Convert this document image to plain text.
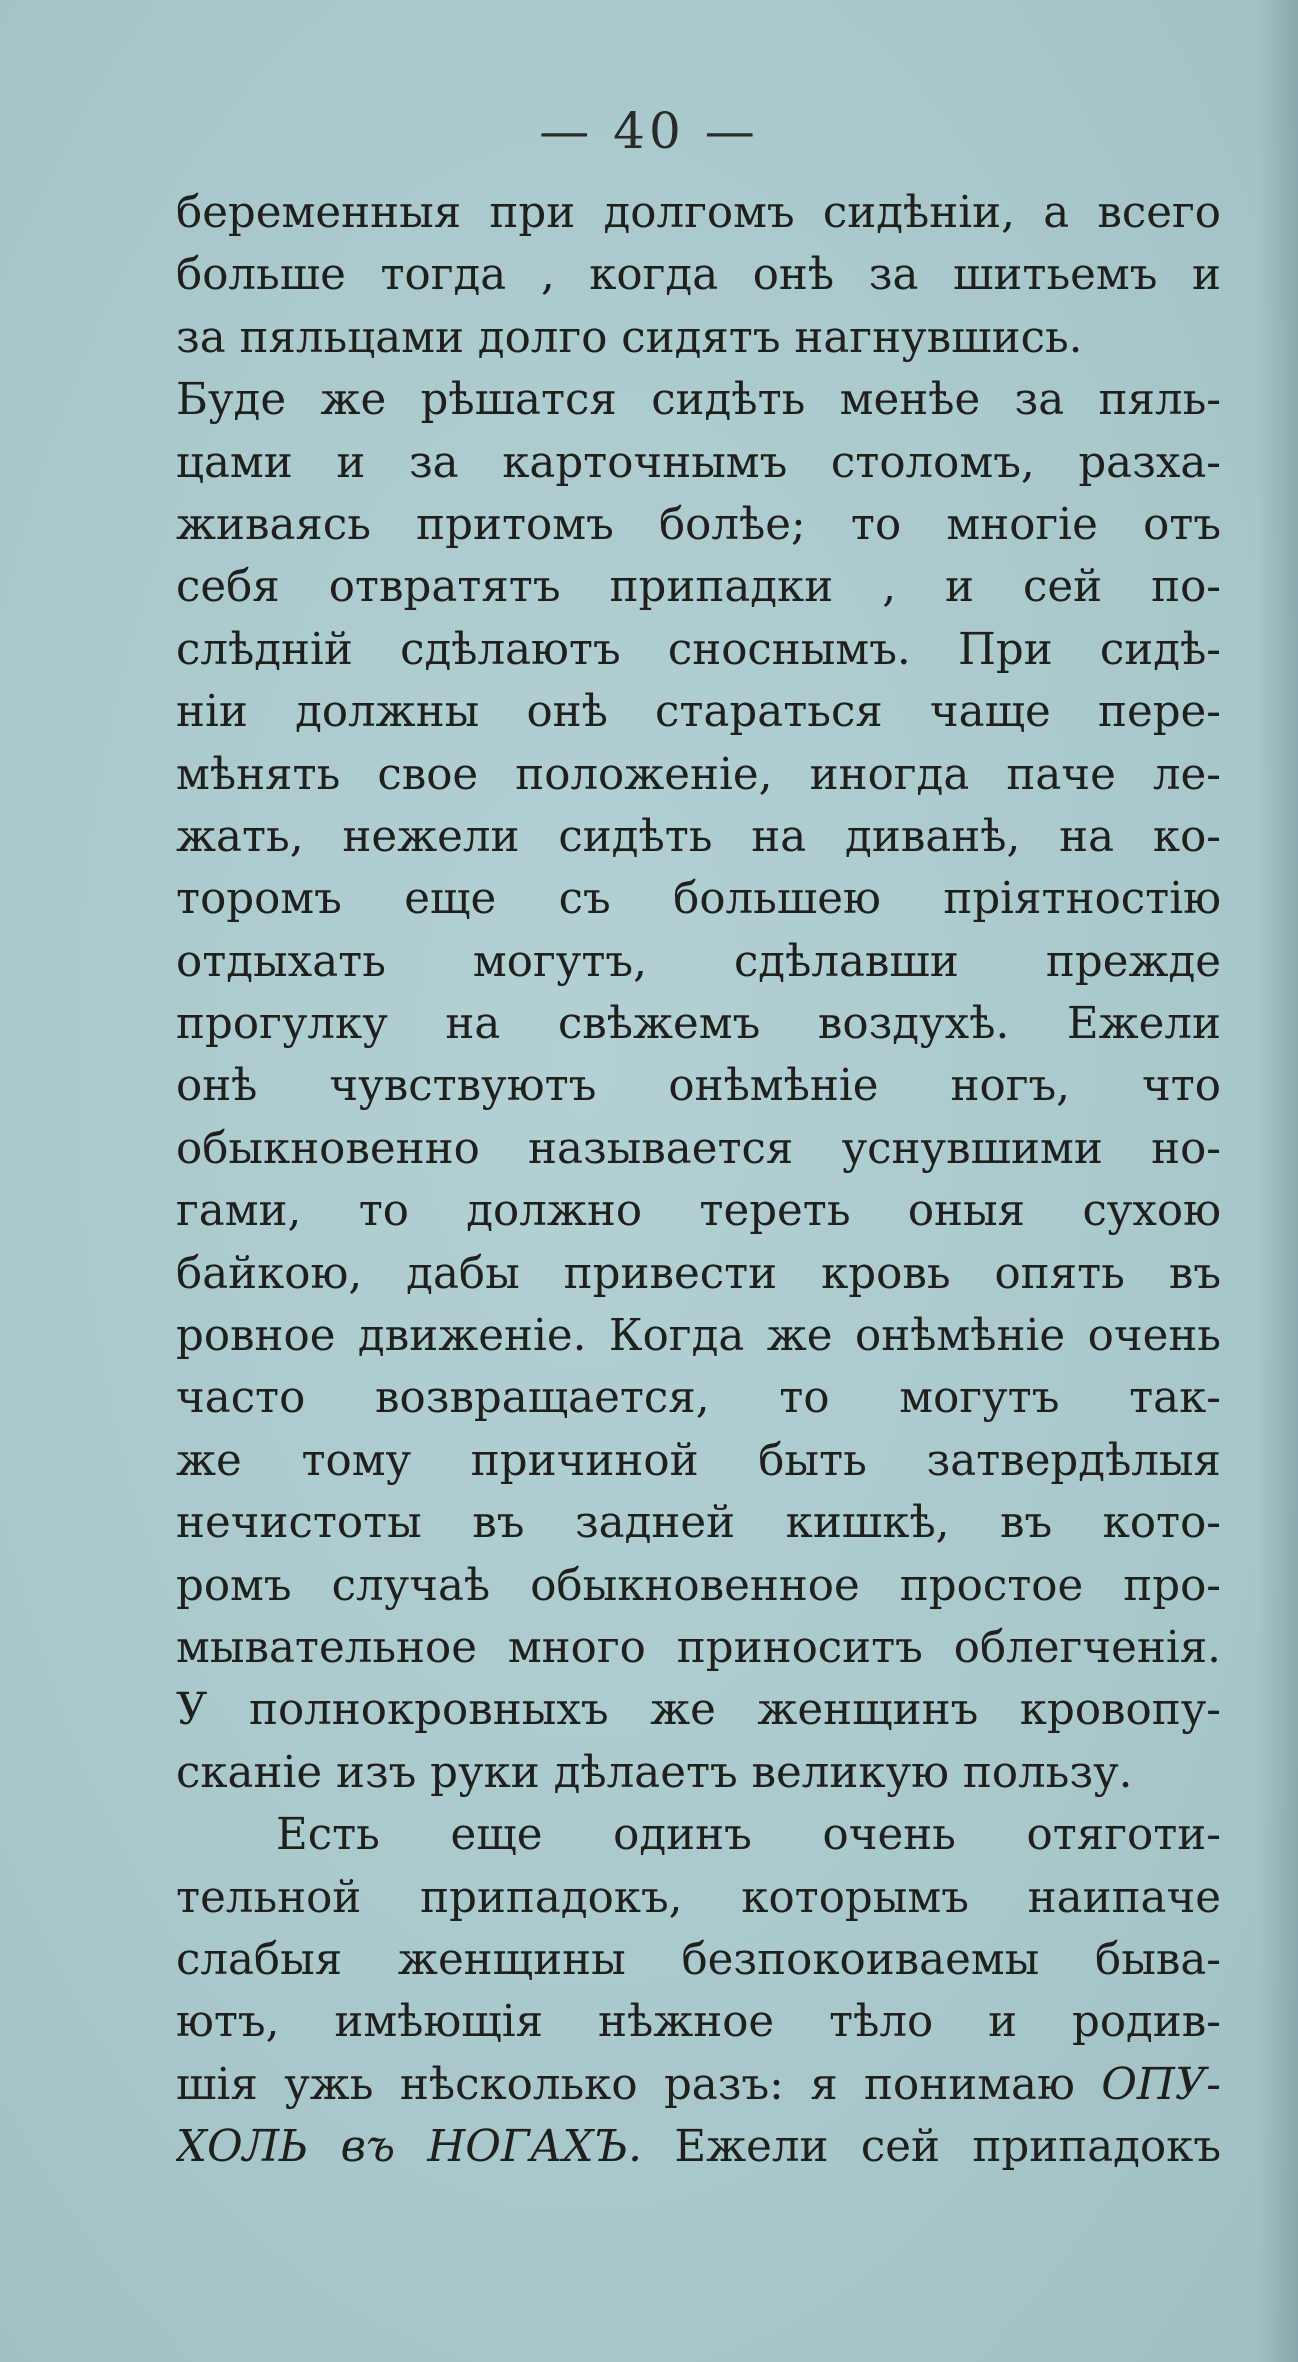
— 40 —
беременныя при долгомъ сидѣніи, а всего
больше тогда , когда онѣ за шитьемъ и
за пяльцами долго сидятъ нагнувшись.
Буде же рѣшатся сидѣть менѣе за пяль-
цами и за карточнымъ столомъ, разха-
живаясь притомъ болѣе; то многіе отъ
себя отвратятъ припадки , и сей по-
слѣдній сдѣлаютъ сноснымъ. При сидѣ-
ніи должны онѣ стараться чаще пере-
мѣнять свое положеніе, иногда паче ле-
жать, нежели сидѣть на диванѣ, на ко-
торомъ еще съ большею пріятностію
отдыхать могутъ, сдѣлавши прежде
прогулку на свѣжемъ воздухѣ. Ежели
онѣ чувствуютъ онѣмѣніе ногъ, что
обыкновенно называется уснувшими но-
гами, то должно тереть оныя сухою
байкою, дабы привести кровь опять въ
ровное движеніе. Когда же онѣмѣніе очень
часто возвращается, то могутъ так-
же тому причиной быть затвердѣлыя
нечистоты въ задней кишкѣ, въ кото-
ромъ случаѣ обыкновенное простое про-
мывательное много приноситъ облегченія.
У полнокровныхъ же женщинъ кровопу-
сканіе изъ руки дѣлаетъ великую пользу.
Есть еще одинъ очень отяготи-
тельной припадокъ, которымъ наипаче
слабыя женщины безпокоиваемы быва-
ютъ, имѣющія нѣжное тѣло и родив-
шія ужь нѣсколько разъ: я понимаю ОПУ-
ХОЛЬ въ НОГАХЪ. Ежели сей припадокъ
